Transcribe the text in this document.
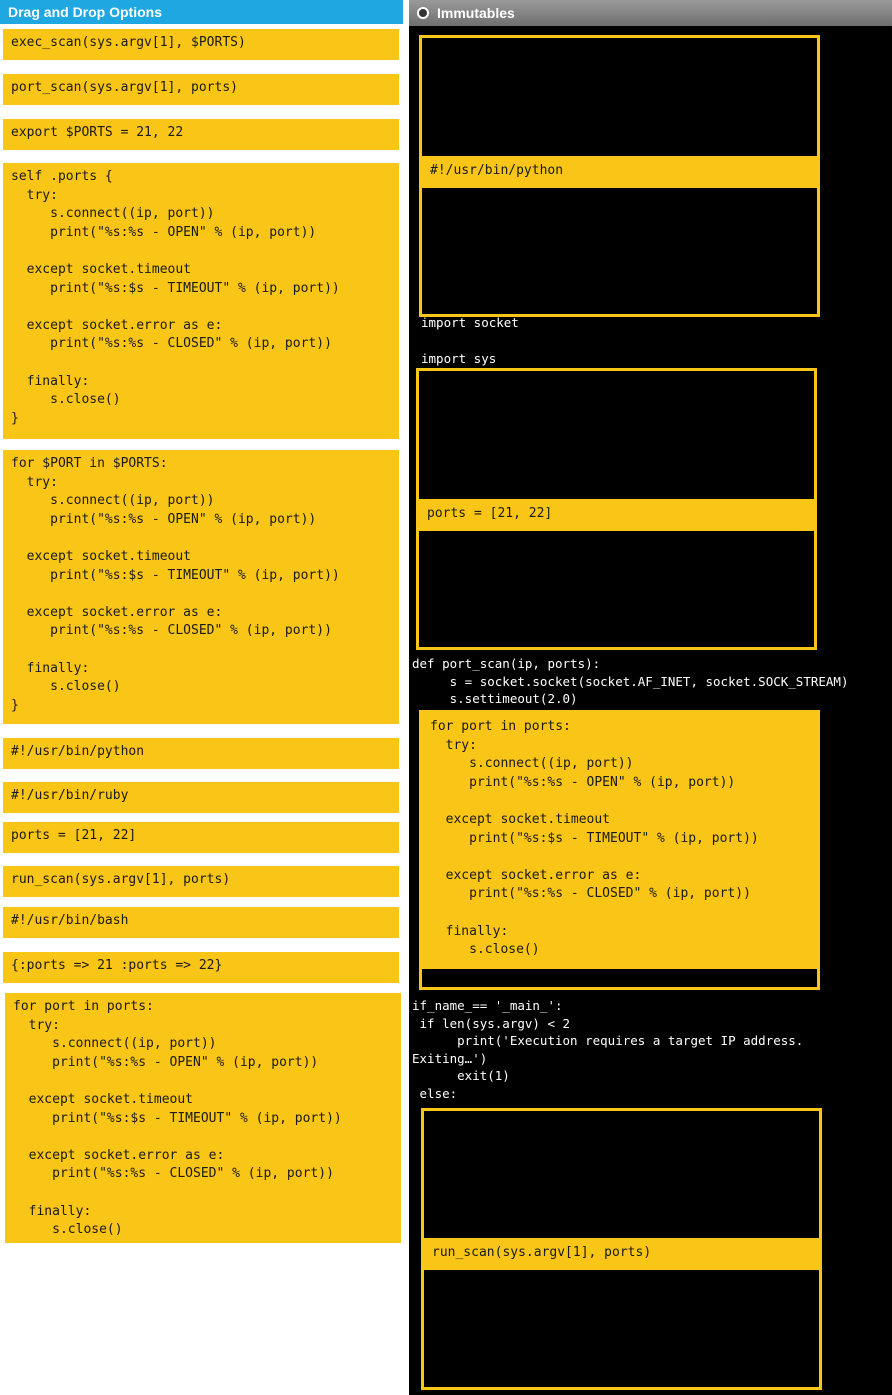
Drag and Drop Options
exec_scan(sys.argv[1], $PORTS)
port_scan(sys.argv[1], ports)
export $PORTS = 21, 22
self .ports {
try:
s.connect((ip, port))
print("%s:%s - OPEN" % (ip, port))

except socket.timeout
print("%s:$s - TIMEOUT" % (ip, port))

except socket.error as e:
print("%s:%s - CLOSED" % (ip, port))

finally:
s.close()
}
for $PORT in $PORTS:
try:
s.connect((ip, port))
print("%s:%s - OPEN" % (ip, port))

except socket.timeout
print("%s:$s - TIMEOUT" % (ip, port))

except socket.error as e:
print("%s:%s - CLOSED" % (ip, port))

finally:
s.close()
}
#!/usr/bin/python
#!/usr/bin/ruby
ports = [21, 22]
run_scan(sys.argv[1], ports)
#!/usr/bin/bash
{:ports => 21 :ports => 22}
for port in ports:
try:
s.connect((ip, port))
print("%s:%s - OPEN" % (ip, port))

except socket.timeout
print("%s:$s - TIMEOUT" % (ip, port))

except socket.error as e:
print("%s:%s - CLOSED" % (ip, port))

finally:
s.close()
Immutables
#!/usr/bin/python
import socket
import sys
ports = [21, 22]
def port_scan(ip, ports):
s = socket.socket(socket.AF_INET, socket.SOCK_STREAM)
s.settimeout(2.0)
for port in ports:
try:
s.connect((ip, port))
print("%s:%s - OPEN" % (ip, port))

except socket.timeout
print("%s:$s - TIMEOUT" % (ip, port))

except socket.error as e:
print("%s:%s - CLOSED" % (ip, port))

finally:
s.close()
if_name_== '_main_':
if len(sys.argv) < 2
print('Execution requires a target IP address.
Exiting…')
exit(1)
else:
run_scan(sys.argv[1], ports)
